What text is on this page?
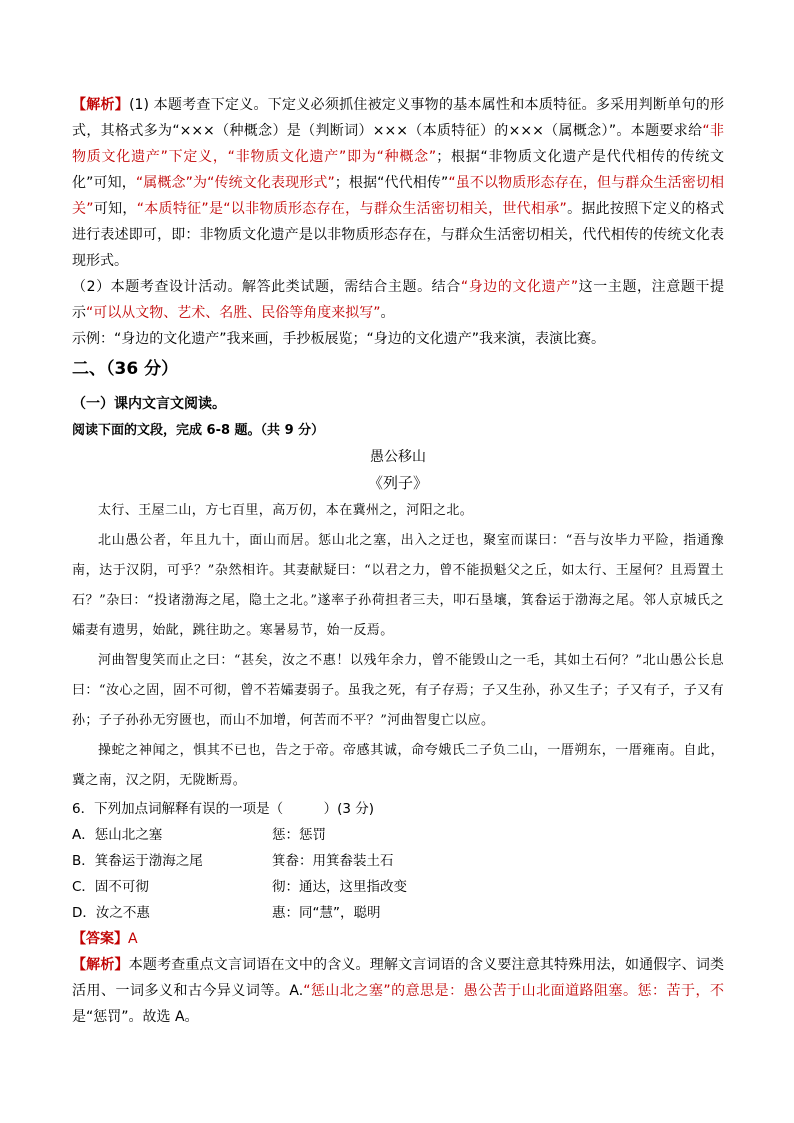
【解析】(1) 本题考查下定义。下定义必须抓住被定义事物的基本属性和本质特征。多采用判断单句的形式，其格式多为“×××（种概念）是（判断词）×××（本质特征）的×××（属概念）”。本题要求给“非物质文化遗产”下定义，“非物质文化遗产”即为“种概念”；根据“非物质文化遗产是代代相传的传统文化”可知，“属概念”为“传统文化表现形式”；根据“代代相传”“虽不以物质形态存在，但与群众生活密切相关”可知，“本质特征”是“以非物质形态存在，与群众生活密切相关，世代相承”。据此按照下定义的格式进行表述即可，即：非物质文化遗产是以非物质形态存在，与群众生活密切相关，代代相传的传统文化表现形式。

（2）本题考查设计活动。解答此类试题，需结合主题。结合“身边的文化遗产”这一主题，注意题干提示“可以从文物、艺术、名胜、民俗等角度来拟写”。

示例：“身边的文化遗产”我来画，手抄板展览；“身边的文化遗产”我来演，表演比赛。

二、（36 分）

（一）课内文言文阅读。

阅读下面的文段，完成 6-8 题。（共 9 分）

愚公移山

《列子》

太行、王屋二山，方七百里，高万仞，本在冀州之，河阳之北。

北山愚公者，年且九十，面山而居。惩山北之塞，出入之迂也，聚室而谋曰：“吾与汝毕力平险，指通豫南，达于汉阴，可乎？”杂然相许。其妻献疑曰：“以君之力，曾不能损魁父之丘，如太行、王屋何？且焉置土石？”杂曰：“投诸渤海之尾，隐土之北。”遂率子孙荷担者三夫，叩石垦壤，箕畚运于渤海之尾。邻人京城氏之孀妻有遗男，始龀，跳往助之。寒暑易节，始一反焉。

河曲智叟笑而止之曰：“甚矣，汝之不惠！以残年余力，曾不能毁山之一毛，其如土石何？”北山愚公长息曰：“汝心之固，固不可彻，曾不若孀妻弱子。虽我之死，有子存焉；子又生孙，孙又生子；子又有子，子又有孙；子子孙孙无穷匮也，而山不加增，何苦而不平？”河曲智叟亡以应。

操蛇之神闻之，惧其不已也，告之于帝。帝感其诚，命夸娥氏二子负二山，一厝朔东，一厝雍南。自此，冀之南，汉之阴，无陇断焉。

6．下列加点词解释有误的一项是（　　　）(3 分)

A．惩山北之塞	惩：惩罚
B．箕畚运于渤海之尾	箕畚：用箕畚装土石
C．固不可彻	彻：通达，这里指改变
D．汝之不惠	惠：同“慧”，聪明

【答案】A

【解析】本题考查重点文言词语在文中的含义。理解文言词语的含义要注意其特殊用法，如通假字、词类活用、一词多义和古今异义词等。A.“惩山北之塞”的意思是：愚公苦于山北面道路阻塞。惩：苦于，不是“惩罚”。故选 A。
